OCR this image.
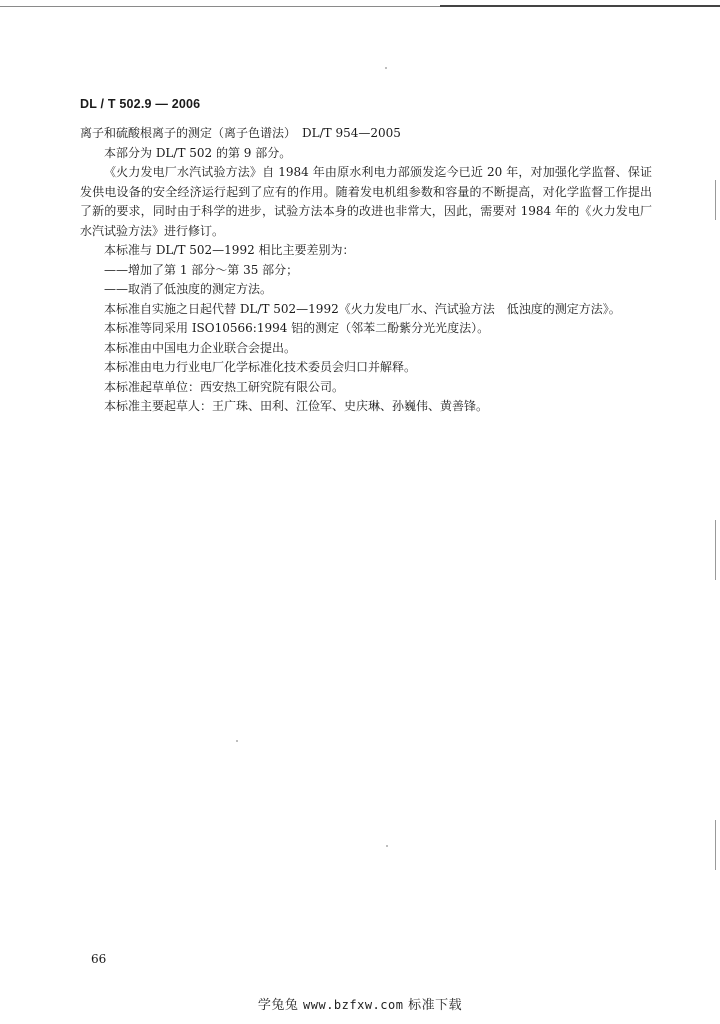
DL / T 502.9 — 2006

离子和硫酸根离子的测定（离子色谱法）　DL/T 954—2005

本部分为 DL/T 502 的第 9 部分。

《火力发电厂水汽试验方法》自 1984 年由原水利电力部颁发迄今已近 20 年，对加强化学监督、保证发供电设备的安全经济运行起到了应有的作用。随着发电机组参数和容量的不断提高，对化学监督工作提出了新的要求，同时由于科学的进步，试验方法本身的改进也非常大，因此，需要对 1984 年的《火力发电厂水汽试验方法》进行修订。

本标准与 DL/T 502—1992 相比主要差别为：

——增加了第 1 部分～第 35 部分；

——取消了低浊度的测定方法。

本标准自实施之日起代替 DL/T 502—1992《火力发电厂水、汽试验方法　低浊度的测定方法》。

本标准等同采用 ISO10566:1994 铝的测定（邻苯二酚紫分光光度法）。

本标准由中国电力企业联合会提出。

本标准由电力行业电厂化学标准化技术委员会归口并解释。

本标准起草单位：西安热工研究院有限公司。

本标准主要起草人：王广珠、田利、江俭军、史庆琳、孙巍伟、黄善锋。

66
学兔兔 www.bzfxw.com 标准下载
